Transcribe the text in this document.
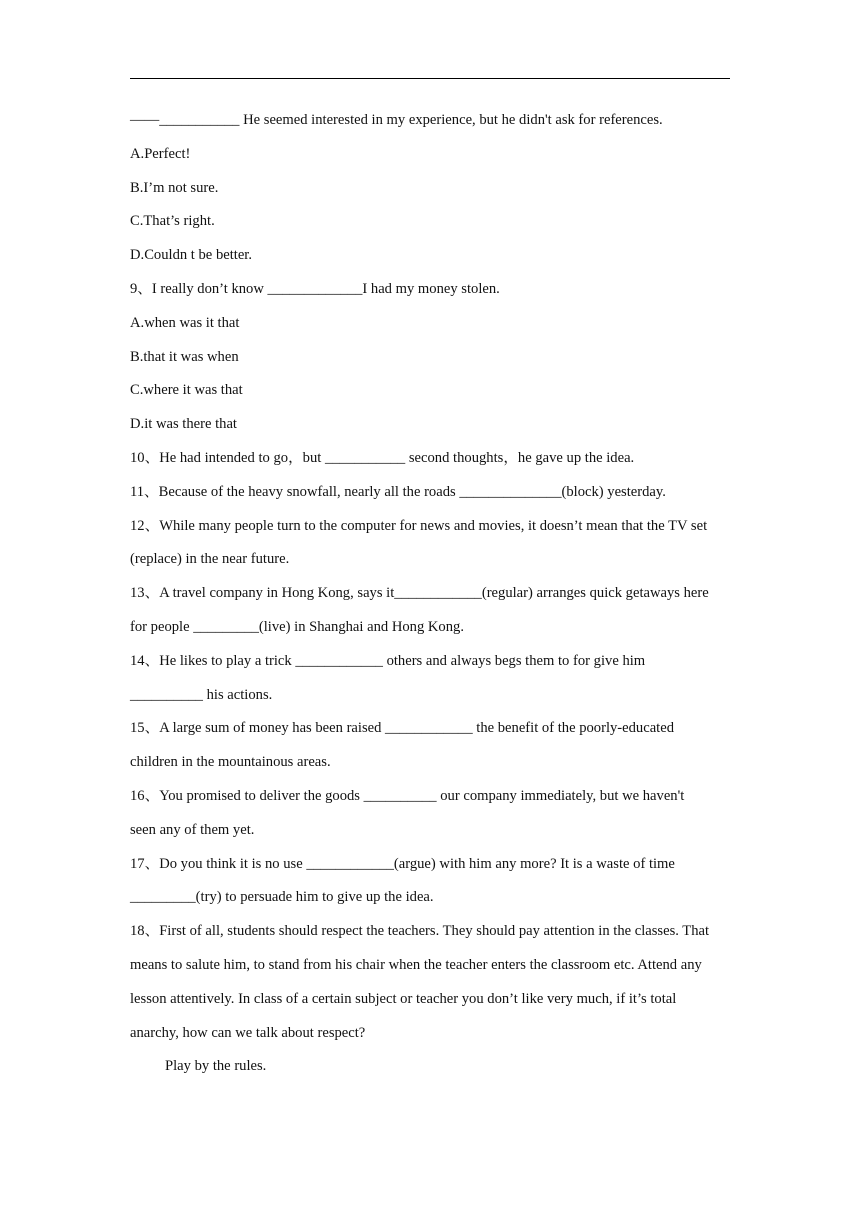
——___________ He seemed interested in my experience, but he didn't ask for references.
A.Perfect!
B.I’m not sure.
C.That’s right.
D.Couldn t be better.
9、I really don’t know _____________I had my money stolen.
A.when was it that
B.that it was when
C.where it was that
D.it was there that
10、He had intended to go，but ___________ second thoughts，he gave up the idea.
11、Because of the heavy snowfall, nearly all the roads ______________(block) yesterday.
12、While many people turn to the computer for news and movies, it doesn’t mean that the TV set
(replace) in the near future.
13、A travel company in Hong Kong, says it____________(regular) arranges quick getaways here
for people _________(live) in Shanghai and Hong Kong.
14、He likes to play a trick ____________ others and always begs them to for give him
__________ his actions.
15、A large sum of money has been raised ____________ the benefit of the poorly-educated
children in the mountainous areas.
16、You promised to deliver the goods __________ our company immediately, but we haven't
seen any of them yet.
17、Do you think it is no use ____________(argue) with him any more? It is a waste of time
_________(try) to persuade him to give up the idea.
18、First of all, students should respect the teachers. They should pay attention in the classes. That
means to salute him, to stand from his chair when the teacher enters the classroom etc. Attend any
lesson attentively. In class of a certain subject or teacher you don’t like very much, if it’s total
anarchy, how can we talk about respect?
Play by the rules.
